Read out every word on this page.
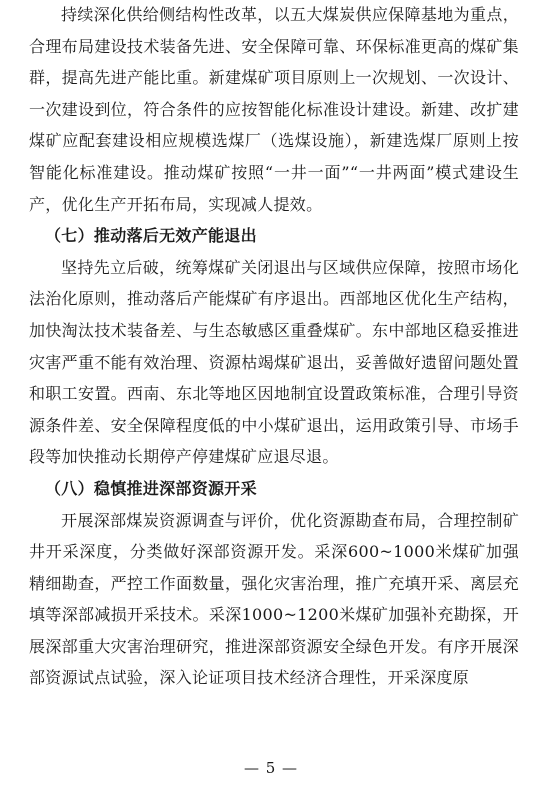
持续深化供给侧结构性改革，以五大煤炭供应保障基地为重点，合理布局建设技术装备先进、安全保障可靠、环保标准更高的煤矿集群，提高先进产能比重。新建煤矿项目原则上一次规划、一次设计、一次建设到位，符合条件的应按智能化标准设计建设。新建、改扩建煤矿应配套建设相应规模选煤厂（选煤设施），新建选煤厂原则上按智能化标准建设。推动煤矿按照“一井一面”“一井两面”模式建设生产，优化生产开拓布局，实现减人提效。

（七）推动落后无效产能退出

坚持先立后破，统筹煤矿关闭退出与区域供应保障，按照市场化法治化原则，推动落后产能煤矿有序退出。西部地区优化生产结构，加快淘汰技术装备差、与生态敏感区重叠煤矿。东中部地区稳妥推进灾害严重不能有效治理、资源枯竭煤矿退出，妥善做好遗留问题处置和职工安置。西南、东北等地区因地制宜设置政策标准，合理引导资源条件差、安全保障程度低的中小煤矿退出，运用政策引导、市场手段等加快推动长期停产停建煤矿应退尽退。

（八）稳慎推进深部资源开采

开展深部煤炭资源调查与评价，优化资源勘查布局，合理控制矿井开采深度，分类做好深部资源开发。采深600~1000米煤矿加强精细勘查，严控工作面数量，强化灾害治理，推广充填开采、离层充填等深部减损开采技术。采深1000~1200米煤矿加强补充勘探，开展深部重大灾害治理研究，推进深部资源安全绿色开发。有序开展深部资源试点试验，深入论证项目技术经济合理性，开采深度原

— 5 —
